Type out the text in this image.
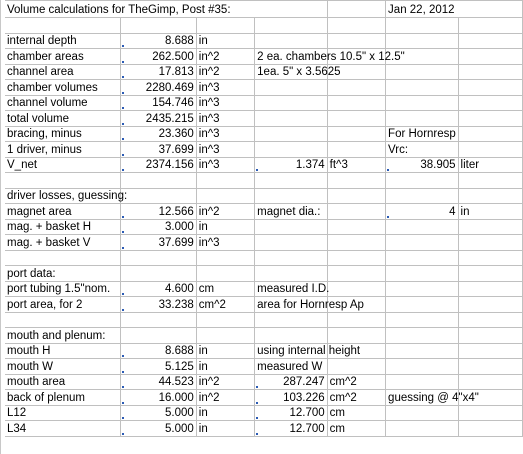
Volume calculations for TheGimp, Post #35:					Jan 22, 2012	

internal depth	8.688	in				
chamber areas	262.500	in^2	2 ea. chambers 10.5" x 12.5"			
channel area	17.813	in^2	1ea. 5" x 3.5625			
chamber volumes	2280.469	in^3				
channel volume	154.746	in^3				
total volume	2435.215	in^3				
bracing, minus	23.360	in^3			For Hornresp	
1 driver, minus	37.699	in^3			Vrc:	
V_net	2374.156	in^3	1.374	ft^3	38.905	liter

driver losses, guessing:						
magnet area	12.566	in^2	magnet dia.:		4	in
mag. + basket H	3.000	in				
mag. + basket V	37.699	in^3				

port data:						
port tubing 1.5"nom.	4.600	cm	measured I.D.			
port area, for 2	33.238	cm^2	area for Hornresp Ap			

mouth and plenum:						
mouth H	8.688	in	using internal height			
mouth W	5.125	in	measured W			
mouth area	44.523	in^2	287.247	cm^2		
back of plenum	16.000	in^2	103.226	cm^2	guessing @ 4"x4"	
L12	5.000	in	12.700	cm		
L34	5.000	in	12.700	cm		
